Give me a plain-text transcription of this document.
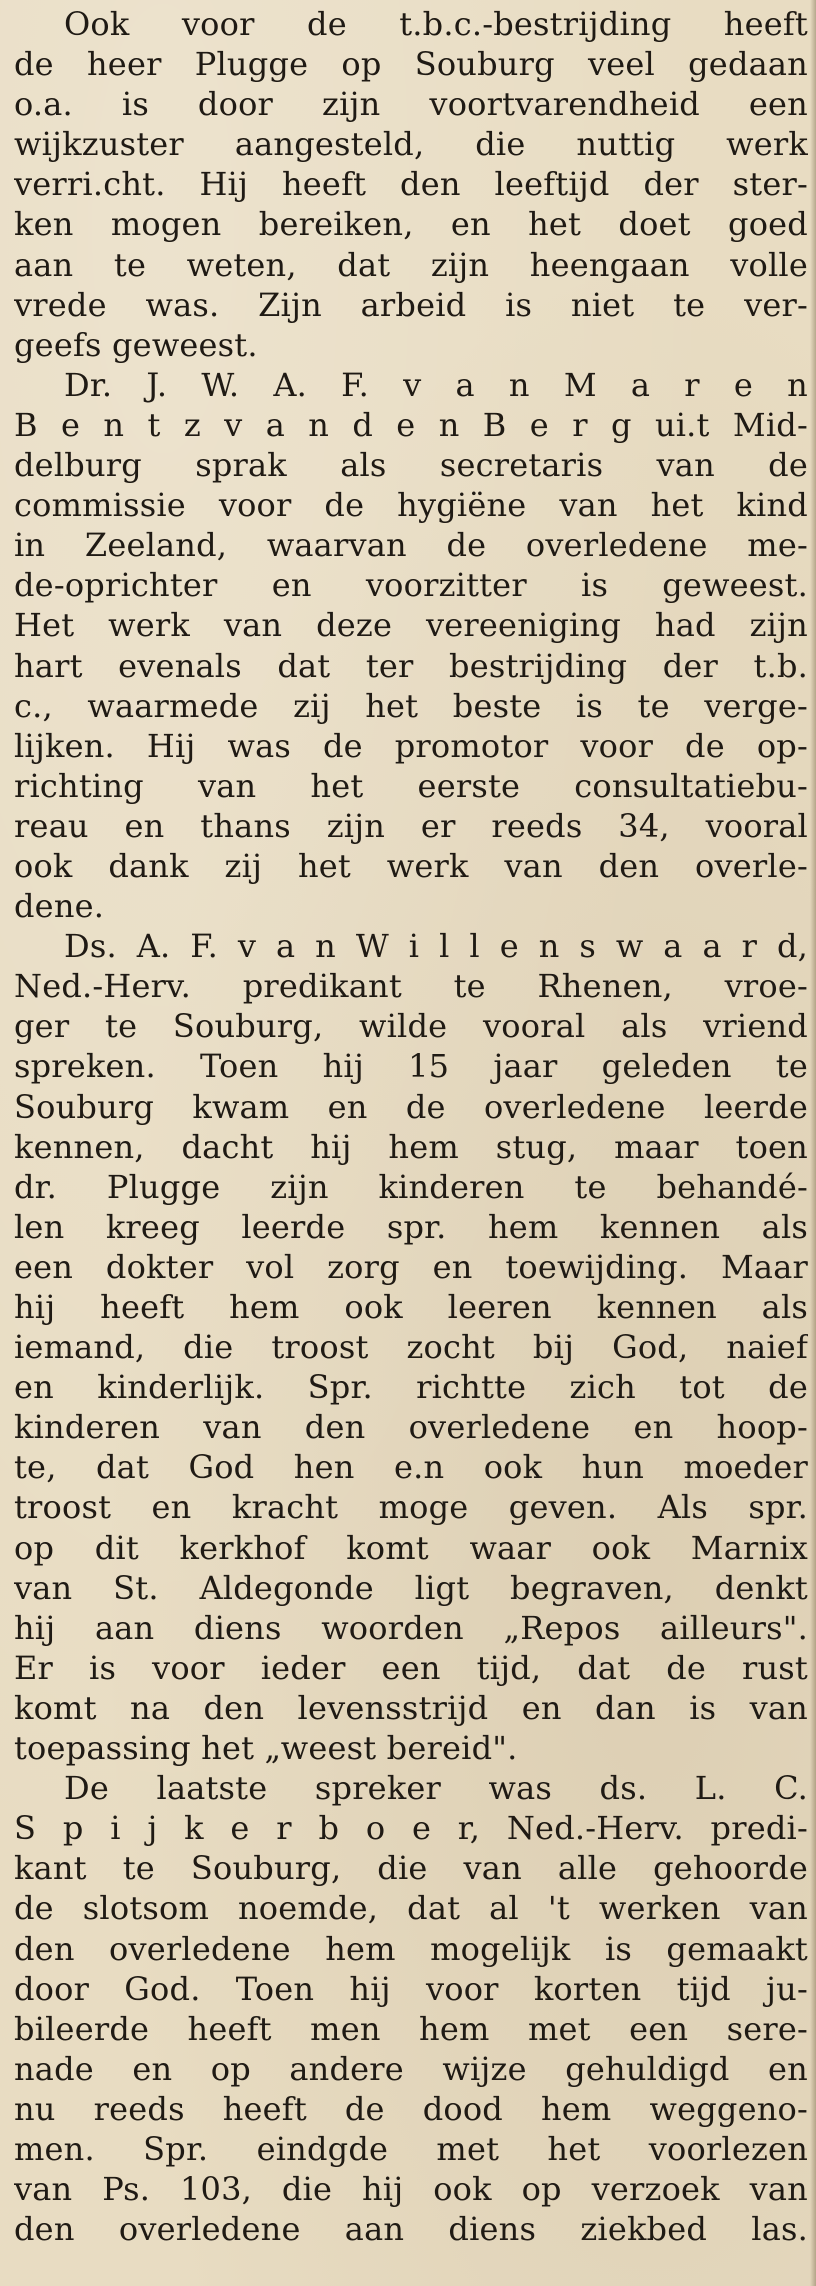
Ook voor de t.b.c.-bestrijding heeft
de heer Plugge op Souburg veel gedaan
o.a. is door zijn voortvarendheid een
wijkzuster aangesteld, die nuttig werk
verri.cht. Hij heeft den leeftijd der ster-
ken mogen bereiken, en het doet goed
aan te weten, dat zijn heengaan volle
vrede was. Zijn arbeid is niet te ver-
geefs geweest.
Dr. J. W. A. F. v a n M a r e n
B e n t z v a n d e n B e r g ui.t Mid-
delburg sprak als secretaris van de
commissie voor de hygiëne van het kind
in Zeeland, waarvan de overledene me-
de-oprichter en voorzitter is geweest.
Het werk van deze vereeniging had zijn
hart evenals dat ter bestrijding der t.b.
c., waarmede zij het beste is te verge-
lijken. Hij was de promotor voor de op-
richting van het eerste consultatiebu-
reau en thans zijn er reeds 34, vooral
ook dank zij het werk van den overle-
dene.
Ds. A. F. v a n W i l l e n s w a a r d,
Ned.-Herv. predikant te Rhenen, vroe-
ger te Souburg, wilde vooral als vriend
spreken. Toen hij 15 jaar geleden te
Souburg kwam en de overledene leerde
kennen, dacht hij hem stug, maar toen
dr. Plugge zijn kinderen te behandé-
len kreeg leerde spr. hem kennen als
een dokter vol zorg en toewijding. Maar
hij heeft hem ook leeren kennen als
iemand, die troost zocht bij God, naief
en kinderlijk. Spr. richtte zich tot de
kinderen van den overledene en hoop-
te, dat God hen e.n ook hun moeder
troost en kracht moge geven. Als spr.
op dit kerkhof komt waar ook Marnix
van St. Aldegonde ligt begraven, denkt
hij aan diens woorden „Repos ailleurs".
Er is voor ieder een tijd, dat de rust
komt na den levensstrijd en dan is van
toepassing het „weest bereid".
De laatste spreker was ds. L. C.
S p i j k e r b o e r, Ned.-Herv. predi-
kant te Souburg, die van alle gehoorde
de slotsom noemde, dat al 't werken van
den overledene hem mogelijk is gemaakt
door God. Toen hij voor korten tijd ju-
bileerde heeft men hem met een sere-
nade en op andere wijze gehuldigd en
nu reeds heeft de dood hem weggeno-
men. Spr. eindgde met het voorlezen
van Ps. 103, die hij ook op verzoek van
den overledene aan diens ziekbed las.
